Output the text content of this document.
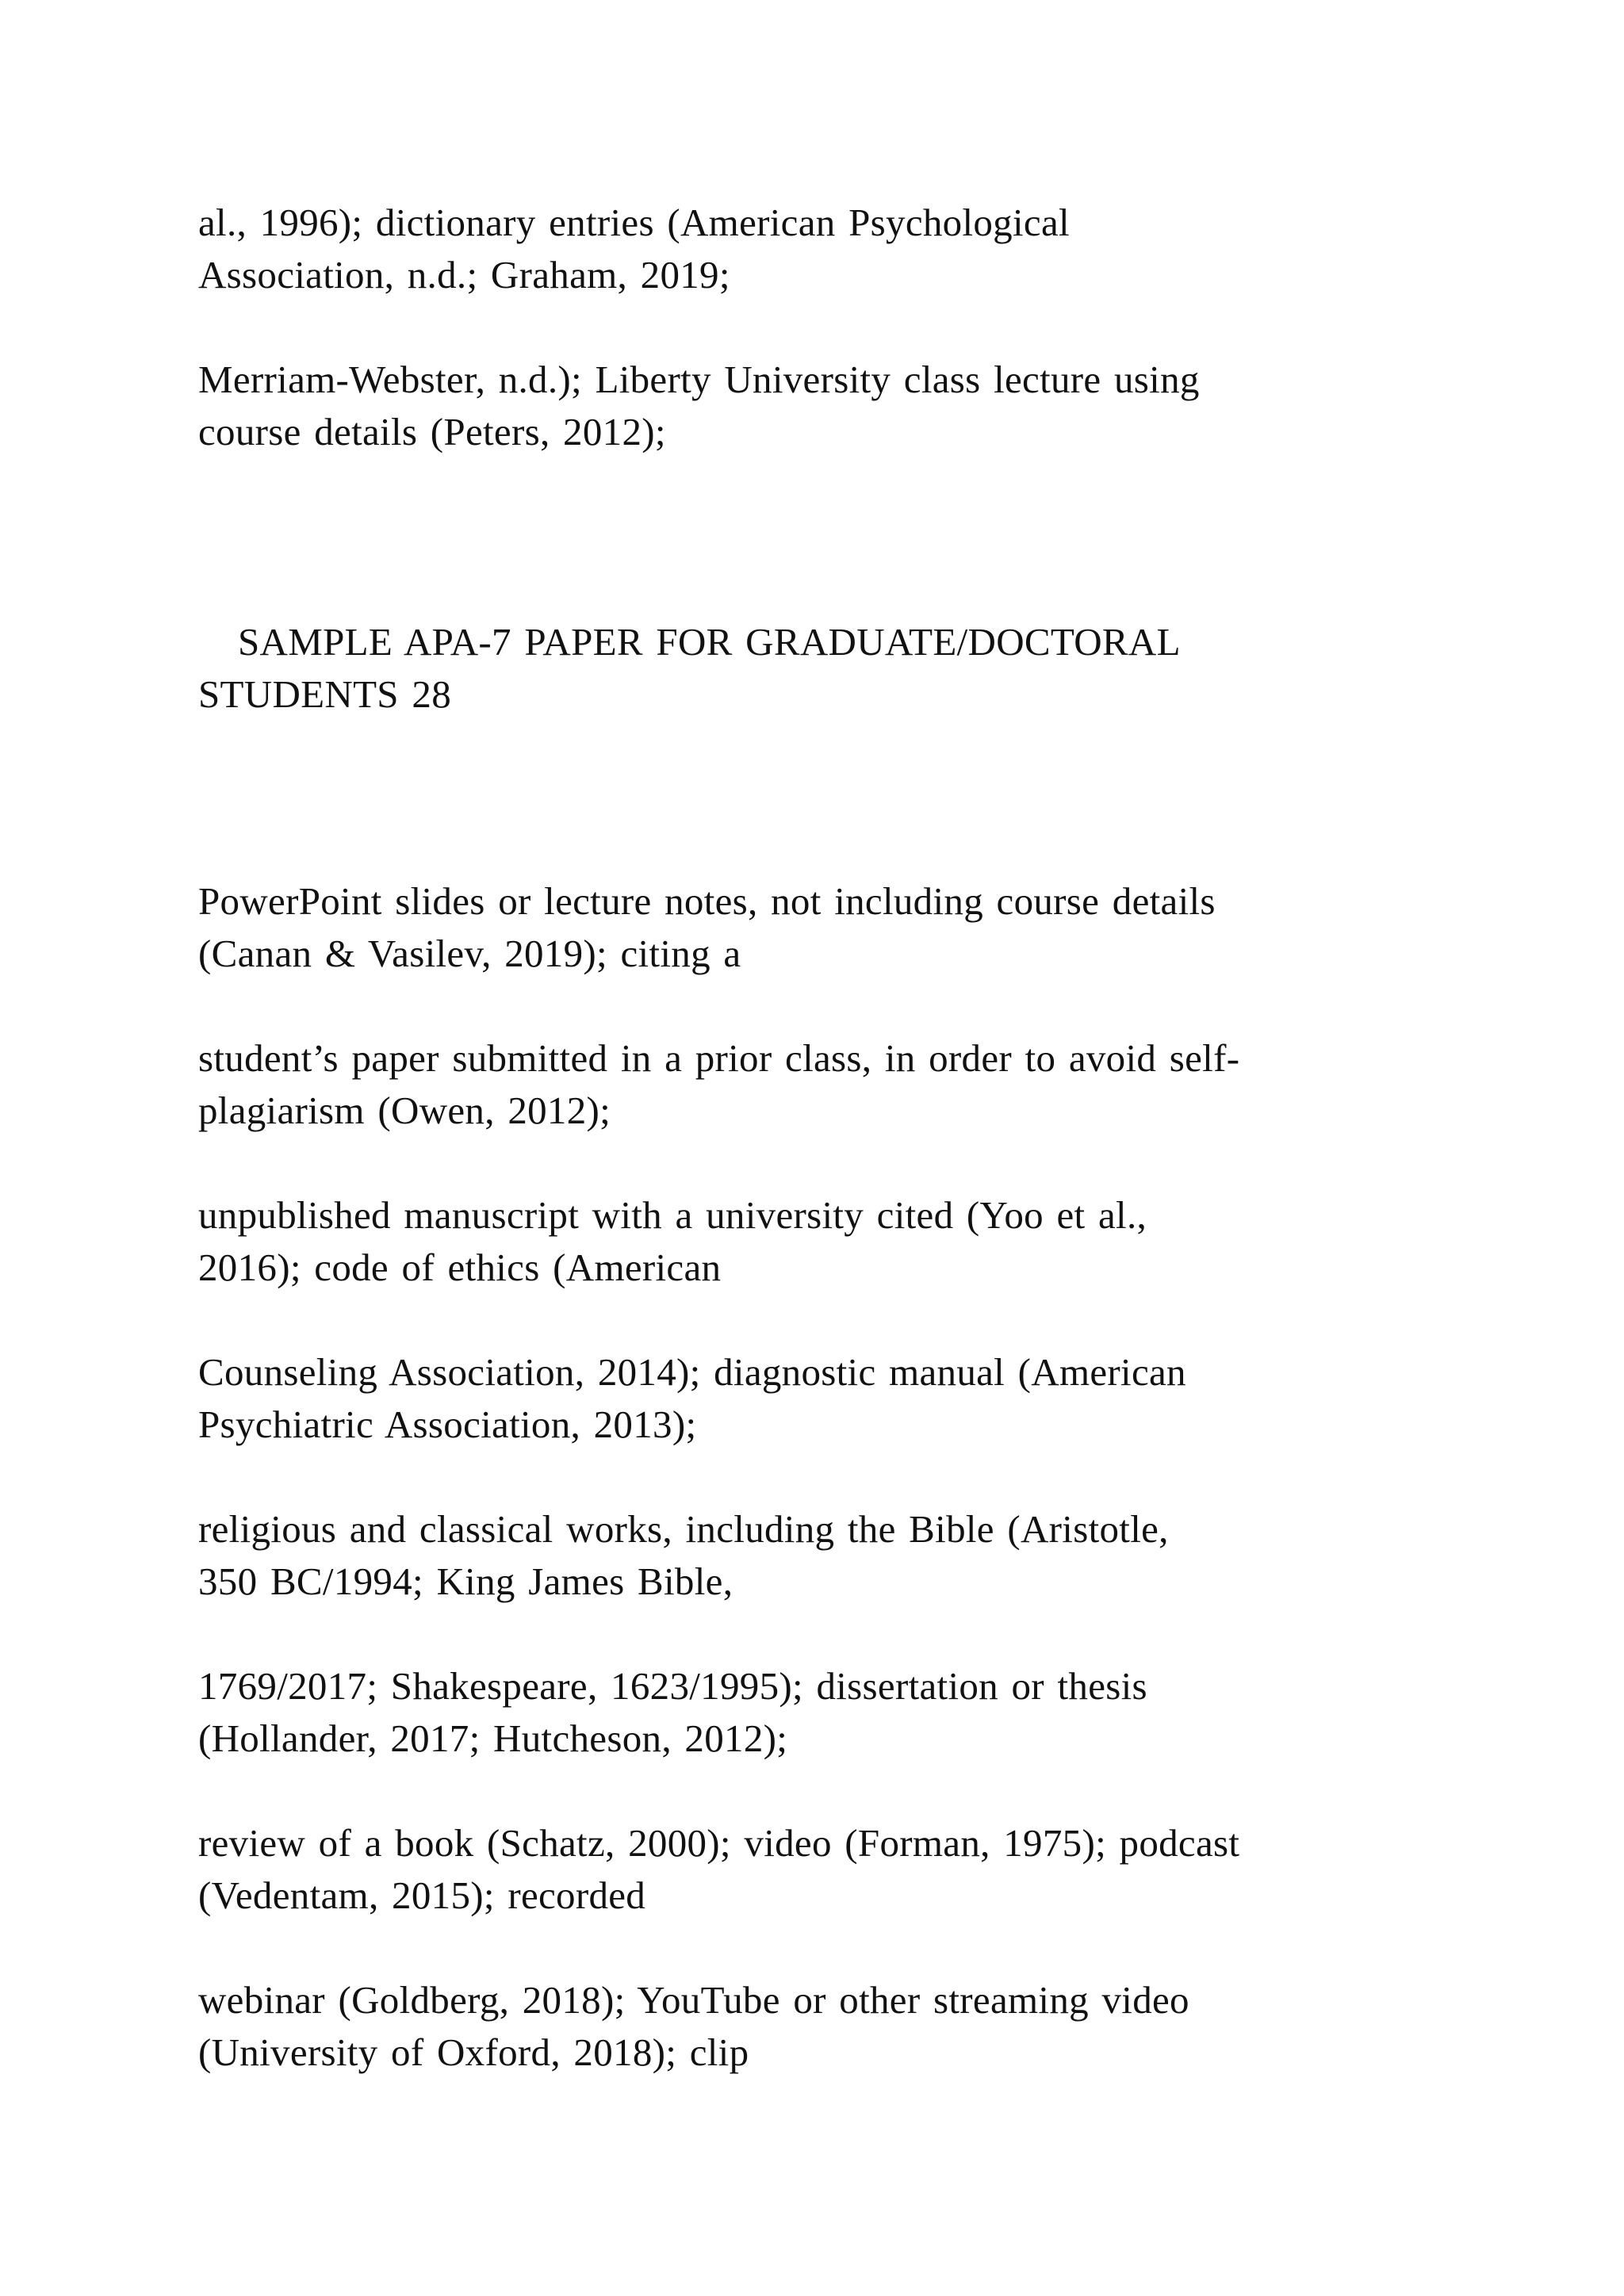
al., 1996); dictionary entries (American Psychological
Association, n.d.; Graham, 2019;
Merriam-Webster, n.d.); Liberty University class lecture using
course details (Peters, 2012);
SAMPLE APA-7 PAPER FOR GRADUATE/DOCTORAL
STUDENTS 28
PowerPoint slides or lecture notes, not including course details
(Canan & Vasilev, 2019); citing a
student’s paper submitted in a prior class, in order to avoid self-
plagiarism (Owen, 2012);
unpublished manuscript with a university cited (Yoo et al.,
2016); code of ethics (American
Counseling Association, 2014); diagnostic manual (American
Psychiatric Association, 2013);
religious and classical works, including the Bible (Aristotle,
350 BC/1994; King James Bible,
1769/2017; Shakespeare, 1623/1995); dissertation or thesis
(Hollander, 2017; Hutcheson, 2012);
review of a book (Schatz, 2000); video (Forman, 1975); podcast
(Vedentam, 2015); recorded
webinar (Goldberg, 2018); YouTube or other streaming video
(University of Oxford, 2018); clip
